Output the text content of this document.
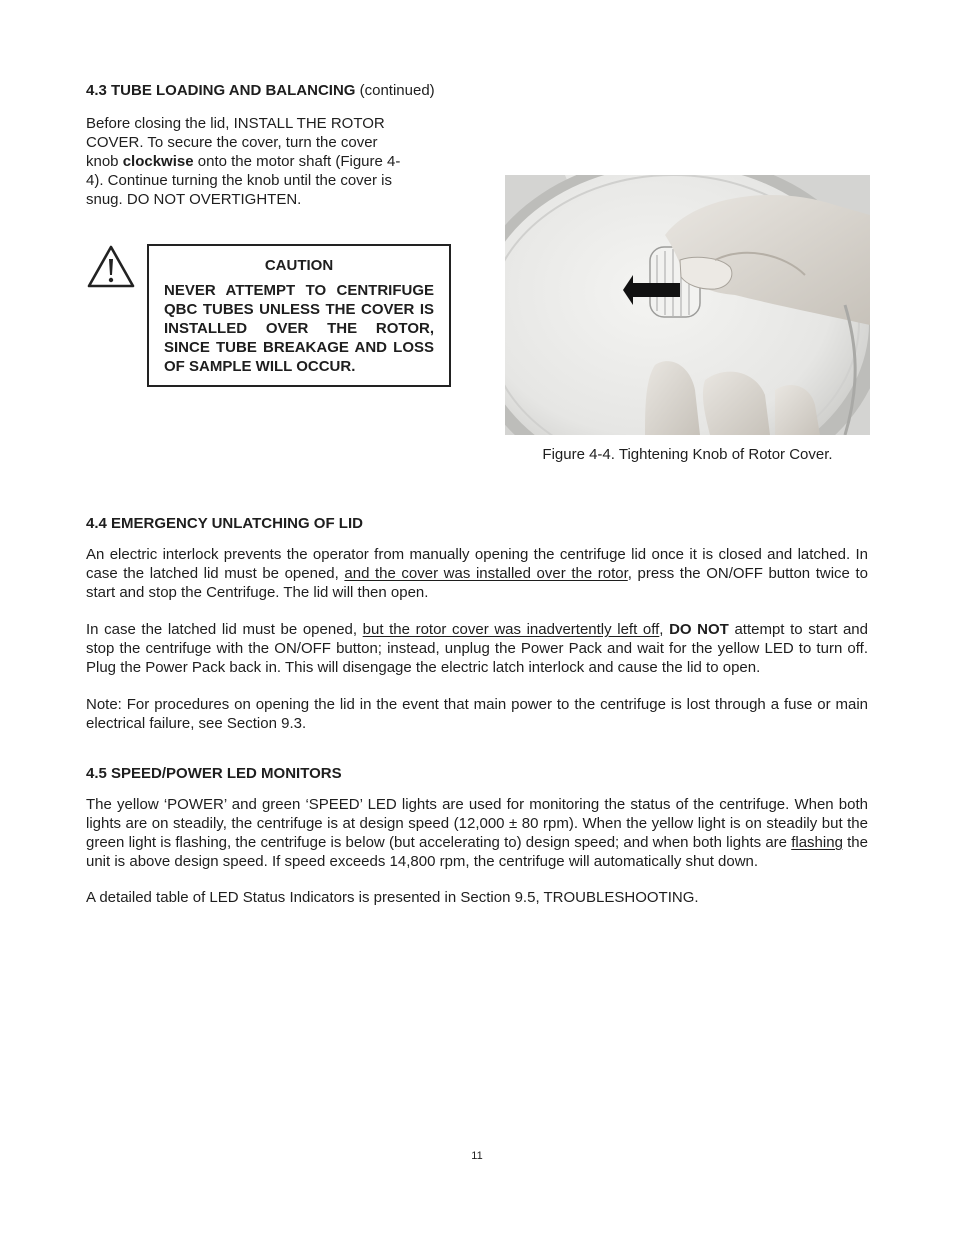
4.3 TUBE LOADING AND BALANCING (continued)

Before closing the lid, INSTALL THE ROTOR COVER. To secure the cover, turn the cover knob clockwise onto the motor shaft (Figure 4-4). Continue turning the knob until the cover is snug. DO NOT OVERTIGHTEN.

CAUTION
NEVER ATTEMPT TO CENTRIFUGE QBC TUBES UNLESS THE COVER IS INSTALLED OVER THE ROTOR, SINCE TUBE BREAKAGE AND LOSS OF SAMPLE WILL OCCUR.
Figure 4-4. Tightening Knob of Rotor Cover.
4.4 EMERGENCY UNLATCHING OF LID

An electric interlock prevents the operator from manually opening the centrifuge lid once it is closed and latched. In case the latched lid must be opened, and the cover was installed over the rotor, press the ON/OFF button twice to start and stop the Centrifuge. The lid will then open.

In case the latched lid must be opened, but the rotor cover was inadvertently left off, DO NOT attempt to start and stop the centrifuge with the ON/OFF button; instead, unplug the Power Pack and wait for the yellow LED to turn off. Plug the Power Pack back in. This will disengage the electric latch interlock and cause the lid to open.

Note: For procedures on opening the lid in the event that main power to the centrifuge is lost through a fuse or main electrical failure, see Section 9.3.

4.5 SPEED/POWER LED MONITORS

The yellow ‘POWER’ and green ‘SPEED’ LED lights are used for monitoring the status of the centrifuge. When both lights are on steadily, the centrifuge is at design speed (12,000 ± 80 rpm). When the yellow light is on steadily but the green light is flashing, the centrifuge is below (but accelerating to) design speed; and when both lights are flashing the unit is above design speed. If speed exceeds 14,800 rpm, the centrifuge will automatically shut down.

A detailed table of LED Status Indicators is presented in Section 9.5, TROUBLESHOOTING.

11
